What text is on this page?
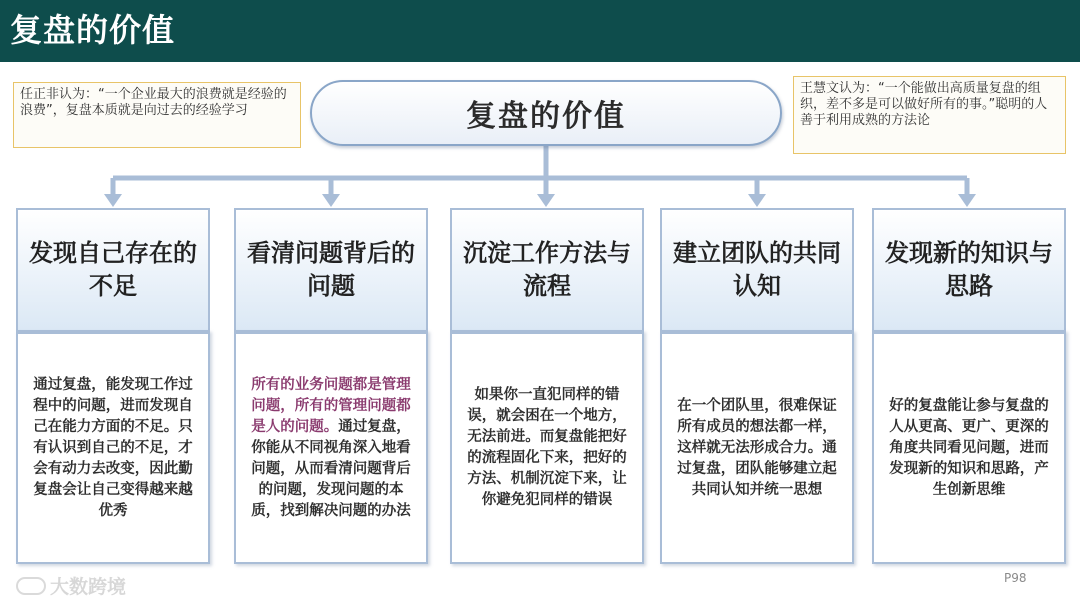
复盘的价值
任正非认为：“一个企业最大的浪费就是经验的浪费”，复盘本质就是向过去的经验学习
王慧文认为：“一个能做出高质量复盘的组织，差不多是可以做好所有的事。”聪明的人善于利用成熟的方法论
复盘的价值
发现自己存在的不足
通过复盘，能发现工作过程中的问题，进而发现自己在能力方面的不足。只有认识到自己的不足，才会有动力去改变，因此勤复盘会让自己变得越来越优秀
看清问题背后的问题
所有的业务问题都是管理问题，所有的管理问题都是人的问题。通过复盘，你能从不同视角深入地看问题，从而看清问题背后的问题，发现问题的本质，找到解决问题的办法
沉淀工作方法与流程
如果你一直犯同样的错误，就会困在一个地方，无法前进。而复盘能把好的流程固化下来，把好的方法、机制沉淀下来，让你避免犯同样的错误
建立团队的共同认知
在一个团队里，很难保证所有成员的想法都一样，这样就无法形成合力。通过复盘，团队能够建立起共同认知并统一思想
发现新的知识与思路
好的复盘能让参与复盘的人从更高、更广、更深的角度共同看见问题，进而发现新的知识和思路，产生创新思维
大数跨境	P98
